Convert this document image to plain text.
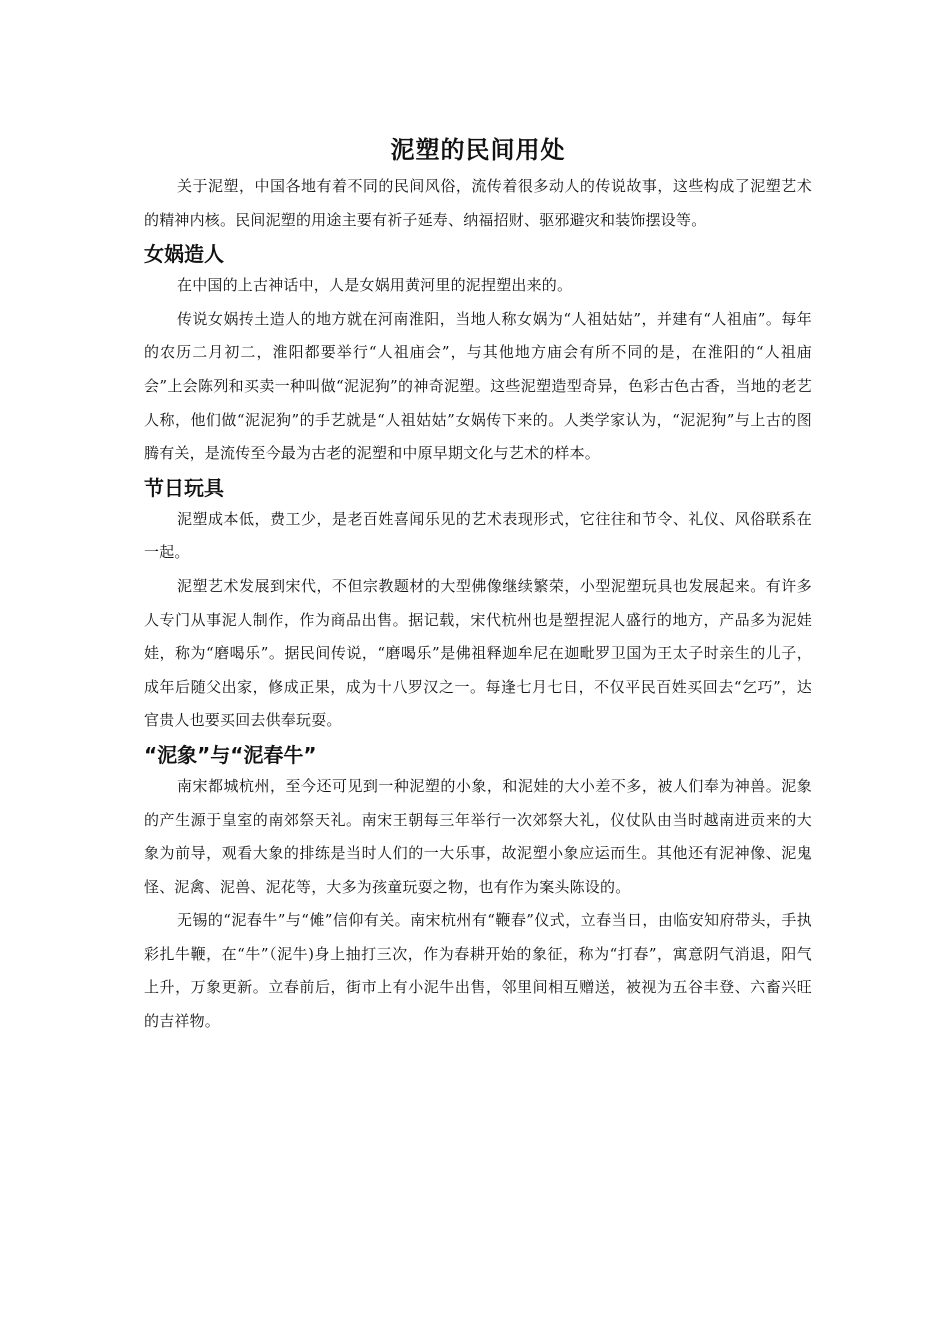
泥塑的民间用处

关于泥塑，中国各地有着不同的民间风俗，流传着很多动人的传说故事，这些构成了泥塑艺术的精神内核。民间泥塑的用途主要有祈子延寿、纳福招财、驱邪避灾和装饰摆设等。

女娲造人

在中国的上古神话中，人是女娲用黄河里的泥捏塑出来的。

传说女娲抟土造人的地方就在河南淮阳，当地人称女娲为“人祖姑姑”，并建有“人祖庙”。每年的农历二月初二，淮阳都要举行“人祖庙会”，与其他地方庙会有所不同的是，在淮阳的“人祖庙会”上会陈列和买卖一种叫做“泥泥狗”的神奇泥塑。这些泥塑造型奇异，色彩古色古香，当地的老艺人称，他们做“泥泥狗”的手艺就是“人祖姑姑”女娲传下来的。人类学家认为，“泥泥狗”与上古的图腾有关，是流传至今最为古老的泥塑和中原早期文化与艺术的样本。

节日玩具

泥塑成本低，费工少，是老百姓喜闻乐见的艺术表现形式，它往往和节令、礼仪、风俗联系在一起。

泥塑艺术发展到宋代，不但宗教题材的大型佛像继续繁荣，小型泥塑玩具也发展起来。有许多人专门从事泥人制作，作为商品出售。据记载，宋代杭州也是塑捏泥人盛行的地方，产品多为泥娃娃，称为“磨喝乐”。据民间传说，“磨喝乐”是佛祖释迦牟尼在迦毗罗卫国为王太子时亲生的儿子，成年后随父出家，修成正果，成为十八罗汉之一。每逢七月七日，不仅平民百姓买回去“乞巧”，达官贵人也要买回去供奉玩耍。

“泥象”与“泥春牛”

南宋都城杭州，至今还可见到一种泥塑的小象，和泥娃的大小差不多，被人们奉为神兽。泥象的产生源于皇室的南郊祭天礼。南宋王朝每三年举行一次郊祭大礼，仪仗队由当时越南进贡来的大象为前导，观看大象的排练是当时人们的一大乐事，故泥塑小象应运而生。其他还有泥神像、泥鬼怪、泥禽、泥兽、泥花等，大多为孩童玩耍之物，也有作为案头陈设的。

无锡的“泥春牛”与“傩”信仰有关。南宋杭州有“鞭春”仪式，立春当日，由临安知府带头，手执彩扎牛鞭，在“牛”（泥牛)身上抽打三次，作为春耕开始的象征，称为“打春”，寓意阴气消退，阳气上升，万象更新。立春前后，街市上有小泥牛出售，邻里间相互赠送，被视为五谷丰登、六畜兴旺的吉祥物。
